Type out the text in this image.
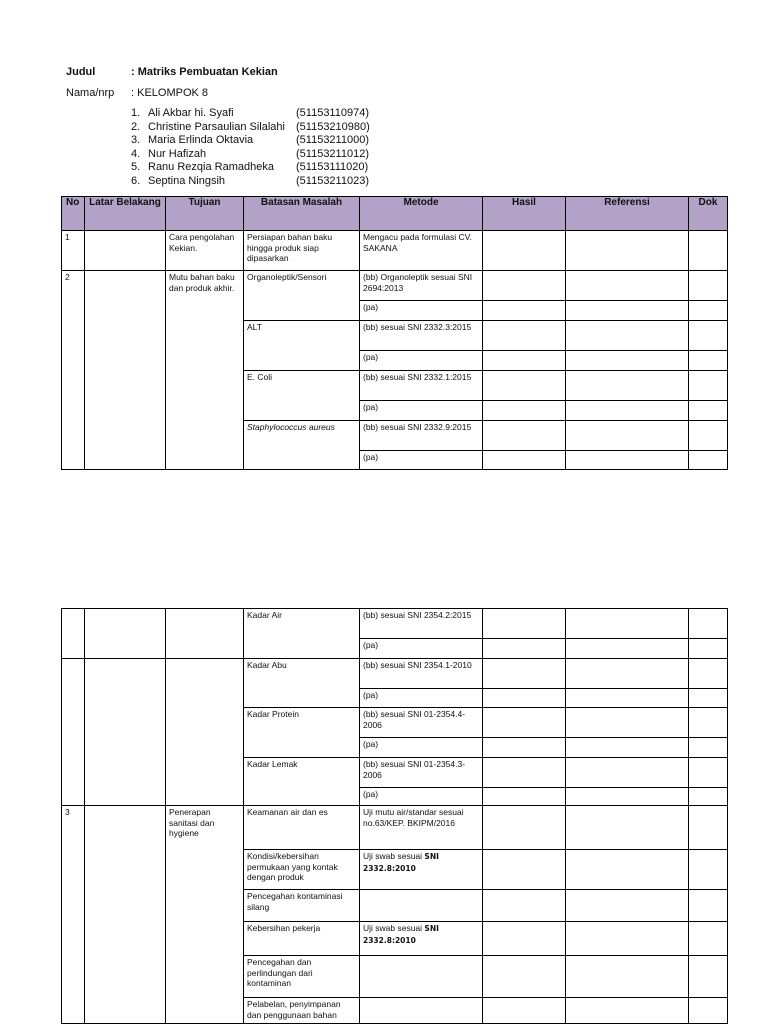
Judul	: Matriks Pembuatan Kekian
Nama/nrp : KELOMPOK 8
1. Ali Akbar hi. Syafi	(51153110974)
2. Christine Parsaulian Silalahi (51153210980)
3. Maria Erlinda Oktavia	(51153211000)
4. Nur Hafizah	(51153211012)
5. Ranu Rezqia Ramadheka (51153111020)
6. Septina Ningsih	(51153211023)
No	Latar Belakang	Tujuan	Batasan Masalah	Metode	Hasil	Referensi	Dok
1		Cara pengolahan Kekian.	Persiapan bahan baku hingga produk siap dipasarkan	Mengacu pada formulasi CV. SAKANA			
2		Mutu bahan baku dan produk akhir.	Organoleptik/Sensori	(bb) Organoleptik sesuai SNI 2694:2013			
				(pa)			
			ALT	(bb) sesuai SNI 2332.3:2015			
				(pa)			
			E. Coli	(bb) sesuai SNI 2332.1:2015			
				(pa)			
			Staphylococcus aureus	(bb) sesuai SNI 2332.9:2015			
				(pa)			
			Kadar Air	(bb) sesuai SNI 2354.2:2015			
				(pa)			
			Kadar Abu	(bb) sesuai SNI 2354.1-2010			
				(pa)			
			Kadar Protein	(bb) sesuai SNI 01-2354.4-2006			
				(pa)			
			Kadar Lemak	(bb) sesuai SNI 01-2354.3-2006			
				(pa)			
3		Penerapan sanitasi dan hygiene	Keamanan air dan es	Uji mutu air/standar sesuai no.63/KEP. BKIPM/2016			
			Kondisi/kebersihan permukaan yang kontak dengan produk	Uji swab sesuai SNI 2332.8:2010			
			Pencegahan kontaminasi silang				
			Kebersihan pekerja	Uji swab sesuai SNI 2332.8:2010			
			Pencegahan dan perlindungan dari kontaminan				
			Pelabelan, penyimpanan dan penggunaan bahan				
